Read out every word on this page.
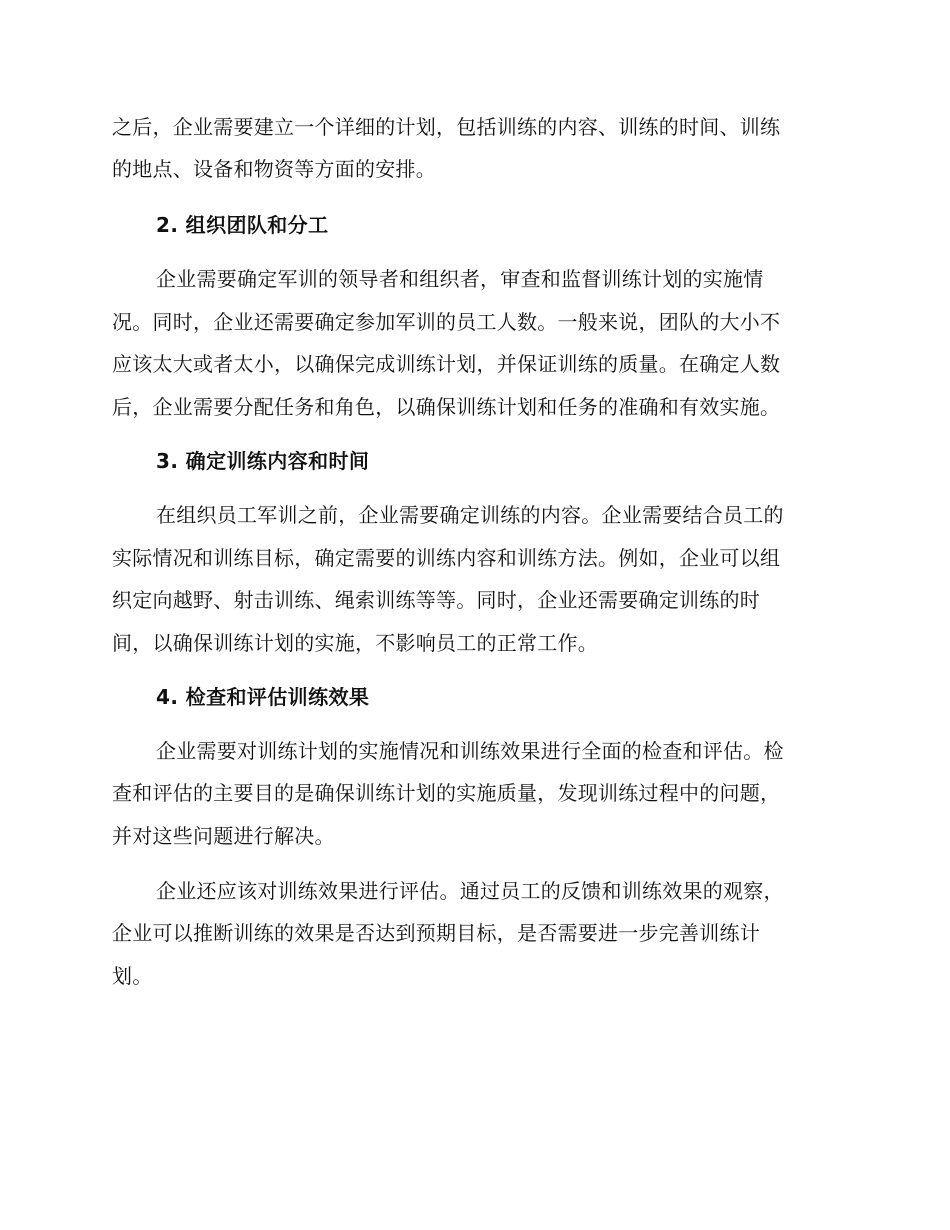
之后，企业需要建立一个详细的计划，包括训练的内容、训练的时间、训练

的地点、设备和物资等方面的安排。

2. 组织团队和分工

企业需要确定军训的领导者和组织者，审查和监督训练计划的实施情

况。同时，企业还需要确定参加军训的员工人数。一般来说，团队的大小不

应该太大或者太小，以确保完成训练计划，并保证训练的质量。在确定人数

后，企业需要分配任务和角色，以确保训练计划和任务的准确和有效实施。

3. 确定训练内容和时间

在组织员工军训之前，企业需要确定训练的内容。企业需要结合员工的

实际情况和训练目标，确定需要的训练内容和训练方法。例如，企业可以组

织定向越野、射击训练、绳索训练等等。同时，企业还需要确定训练的时

间，以确保训练计划的实施，不影响员工的正常工作。

4. 检查和评估训练效果

企业需要对训练计划的实施情况和训练效果进行全面的检查和评估。检

查和评估的主要目的是确保训练计划的实施质量，发现训练过程中的问题，

并对这些问题进行解决。

企业还应该对训练效果进行评估。通过员工的反馈和训练效果的观察，

企业可以推断训练的效果是否达到预期目标，是否需要进一步完善训练计

划。
